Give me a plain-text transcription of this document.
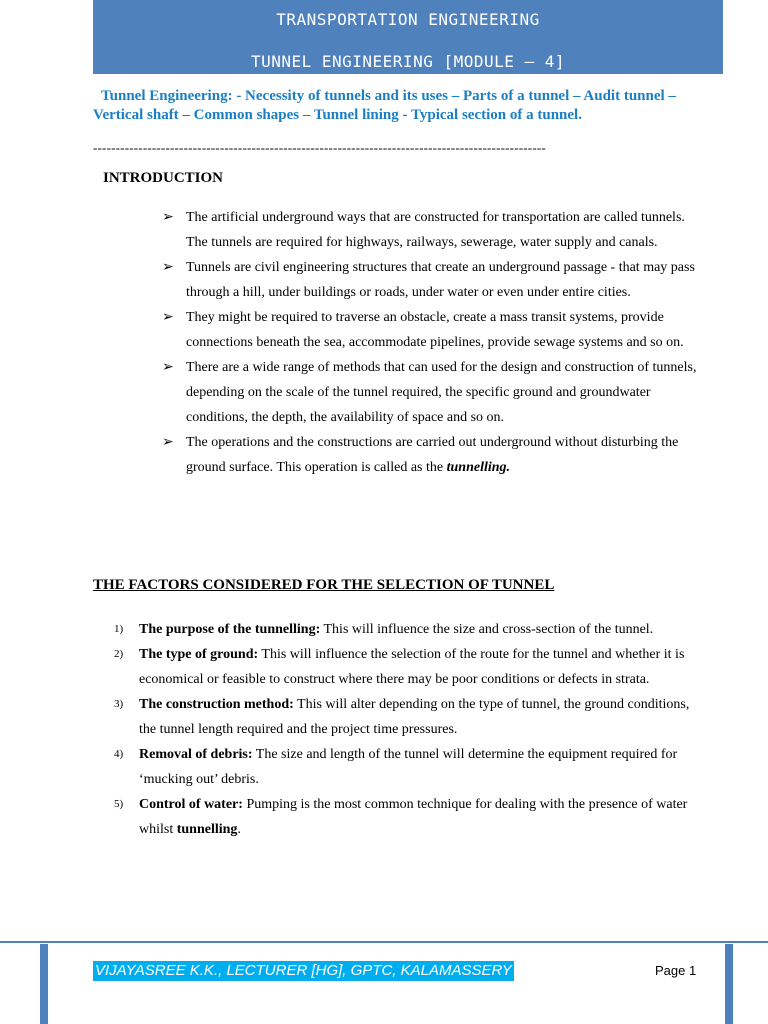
TRANSPORTATION ENGINEERING
TUNNEL ENGINEERING [MODULE – 4]
Tunnel Engineering: - Necessity of tunnels and its uses – Parts of a tunnel – Audit tunnel – Vertical shaft – Common shapes – Tunnel lining - Typical section of a tunnel.
----------------------------------------------------------------------------------------------------
INTRODUCTION
➢ The artificial underground ways that are constructed for transportation are called tunnels. The tunnels are required for highways, railways, sewerage, water supply and canals.
➢ Tunnels are civil engineering structures that create an underground passage - that may pass through a hill, under buildings or roads, under water or even under entire cities.
➢ They might be required to traverse an obstacle, create a mass transit systems, provide connections beneath the sea, accommodate pipelines, provide sewage systems and so on.
➢ There are a wide range of methods that can used for the design and construction of tunnels, depending on the scale of the tunnel required, the specific ground and groundwater conditions, the depth, the availability of space and so on.
➢ The operations and the constructions are carried out underground without disturbing the ground surface. This operation is called as the tunnelling.
THE FACTORS CONSIDERED FOR THE SELECTION OF TUNNEL
1) The purpose of the tunnelling: This will influence the size and cross-section of the tunnel.
2) The type of ground: This will influence the selection of the route for the tunnel and whether it is economical or feasible to construct where there may be poor conditions or defects in strata.
3) The construction method: This will alter depending on the type of tunnel, the ground conditions, the tunnel length required and the project time pressures.
4) Removal of debris: The size and length of the tunnel will determine the equipment required for ‘mucking out’ debris.
5) Control of water: Pumping is the most common technique for dealing with the presence of water whilst tunnelling.
VIJAYASREE K.K., LECTURER [HG], GPTC, KALAMASSERY	Page 1
